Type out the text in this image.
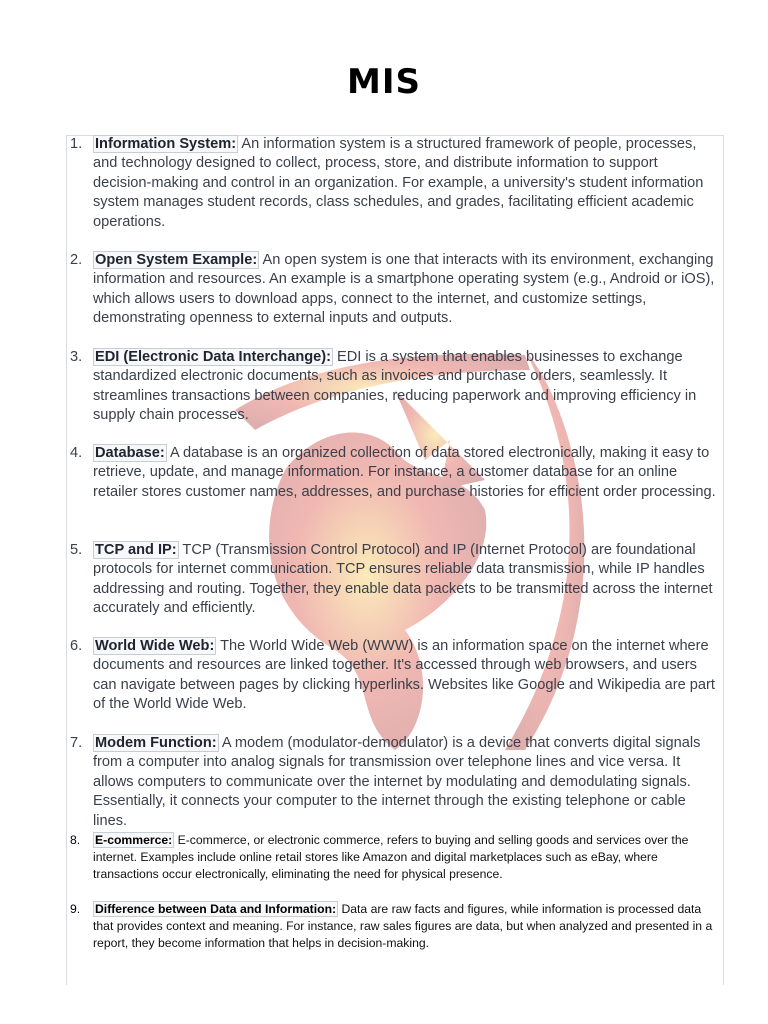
MIS
1. Information System: An information system is a structured framework of people, processes, and technology designed to collect, process, store, and distribute information to support decision-making and control in an organization. For example, a university's student information system manages student records, class schedules, and grades, facilitating efficient academic operations.
2. Open System Example: An open system is one that interacts with its environment, exchanging information and resources. An example is a smartphone operating system (e.g., Android or iOS), which allows users to download apps, connect to the internet, and customize settings, demonstrating openness to external inputs and outputs.
3. EDI (Electronic Data Interchange): EDI is a system that enables businesses to exchange standardized electronic documents, such as invoices and purchase orders, seamlessly. It streamlines transactions between companies, reducing paperwork and improving efficiency in supply chain processes.
4. Database: A database is an organized collection of data stored electronically, making it easy to retrieve, update, and manage information. For instance, a customer database for an online retailer stores customer names, addresses, and purchase histories for efficient order processing.
5. TCP and IP: TCP (Transmission Control Protocol) and IP (Internet Protocol) are foundational protocols for internet communication. TCP ensures reliable data transmission, while IP handles addressing and routing. Together, they enable data packets to be transmitted across the internet accurately and efficiently.
6. World Wide Web: The World Wide Web (WWW) is an information space on the internet where documents and resources are linked together. It's accessed through web browsers, and users can navigate between pages by clicking hyperlinks. Websites like Google and Wikipedia are part of the World Wide Web.
7. Modem Function: A modem (modulator-demodulator) is a device that converts digital signals from a computer into analog signals for transmission over telephone lines and vice versa. It allows computers to communicate over the internet by modulating and demodulating signals. Essentially, it connects your computer to the internet through the existing telephone or cable lines.
8.	E-commerce: E-commerce, or electronic commerce, refers to buying and selling goods and services over the internet. Examples include online retail stores like Amazon and digital marketplaces such as eBay, where transactions occur electronically, eliminating the need for physical presence.
9.	Difference between Data and Information: Data are raw facts and figures, while information is processed data that provides context and meaning. For instance, raw sales figures are data, but when analyzed and presented in a report, they become information that helps in decision-making.
